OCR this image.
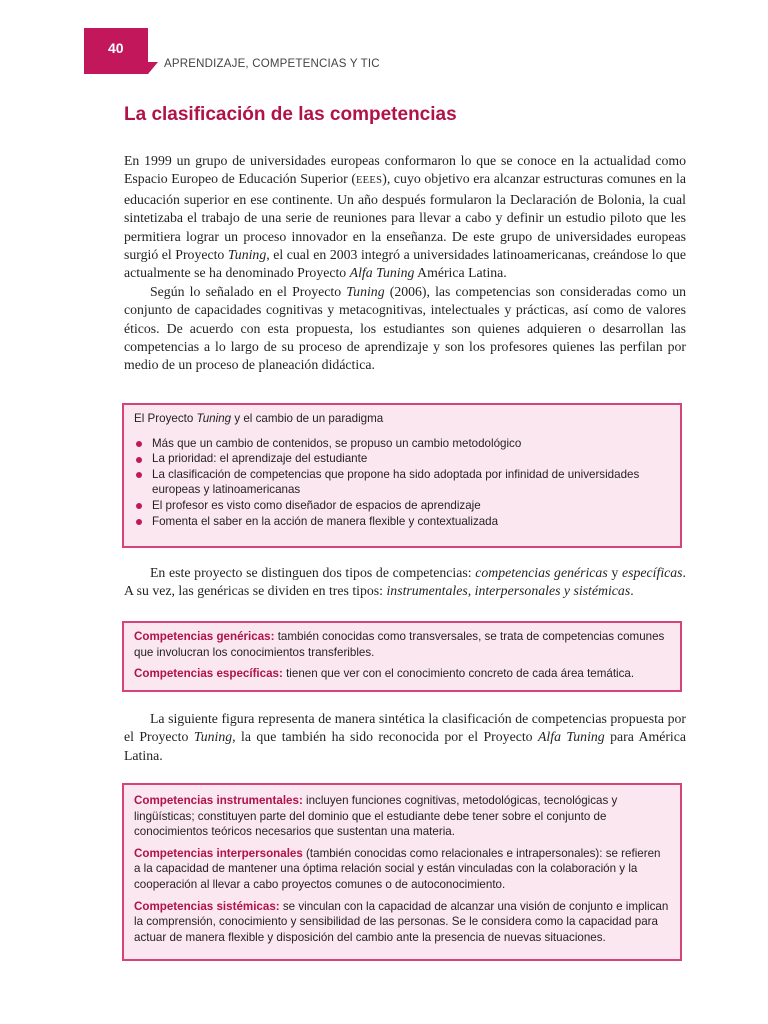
40
APRENDIZAJE, COMPETENCIAS Y TIC
La clasificación de las competencias

En 1999 un grupo de universidades europeas conformaron lo que se conoce en la actualidad como Espacio Europeo de Educación Superior (EEES), cuyo objetivo era alcanzar estructuras comunes en la educación superior en ese continente. Un año después formularon la Declaración de Bolonia, la cual sintetizaba el trabajo de una serie de reuniones para llevar a cabo y definir un estudio piloto que les permitiera lograr un proceso innovador en la enseñanza. De este grupo de universidades europeas surgió el Proyecto Tuning, el cual en 2003 integró a universidades latinoamericanas, creándose lo que actualmente se ha denominado Proyecto Alfa Tuning América Latina.

Según lo señalado en el Proyecto Tuning (2006), las competencias son consideradas como un conjunto de capacidades cognitivas y metacognitivas, intelectuales y prácticas, así como de valores éticos. De acuerdo con esta propuesta, los estudiantes son quienes adquieren o desarrollan las competencias a lo largo de su proceso de aprendizaje y son los profesores quienes las perfilan por medio de un proceso de planeación didáctica.

El Proyecto Tuning y el cambio de un paradigma

Más que un cambio de contenidos, se propuso un cambio metodológico
La prioridad: el aprendizaje del estudiante
La clasificación de competencias que propone ha sido adoptada por infinidad de universidades europeas y latinoamericanas
El profesor es visto como diseñador de espacios de aprendizaje
Fomenta el saber en la acción de manera flexible y contextualizada

En este proyecto se distinguen dos tipos de competencias: competencias genéricas y específicas. A su vez, las genéricas se dividen en tres tipos: instrumentales, interpersonales y sistémicas.

Competencias genéricas: también conocidas como transversales, se trata de competencias comunes que involucran los conocimientos transferibles.

Competencias específicas: tienen que ver con el conocimiento concreto de cada área temática.

La siguiente figura representa de manera sintética la clasificación de competencias propuesta por el Proyecto Tuning, la que también ha sido reconocida por el Proyecto Alfa Tuning para América Latina.

Competencias instrumentales: incluyen funciones cognitivas, metodológicas, tecnológicas y lingüísticas; constituyen parte del dominio que el estudiante debe tener sobre el conjunto de conocimientos teóricos necesarios que sustentan una materia.

Competencias interpersonales (también conocidas como relacionales e intrapersonales): se refieren a la capacidad de mantener una óptima relación social y están vinculadas con la colaboración y la cooperación al llevar a cabo proyectos comunes o de autoconocimiento.

Competencias sistémicas: se vinculan con la capacidad de alcanzar una visión de conjunto e implican la comprensión, conocimiento y sensibilidad de las personas. Se le considera como la capacidad para actuar de manera flexible y disposición del cambio ante la presencia de nuevas situaciones.
